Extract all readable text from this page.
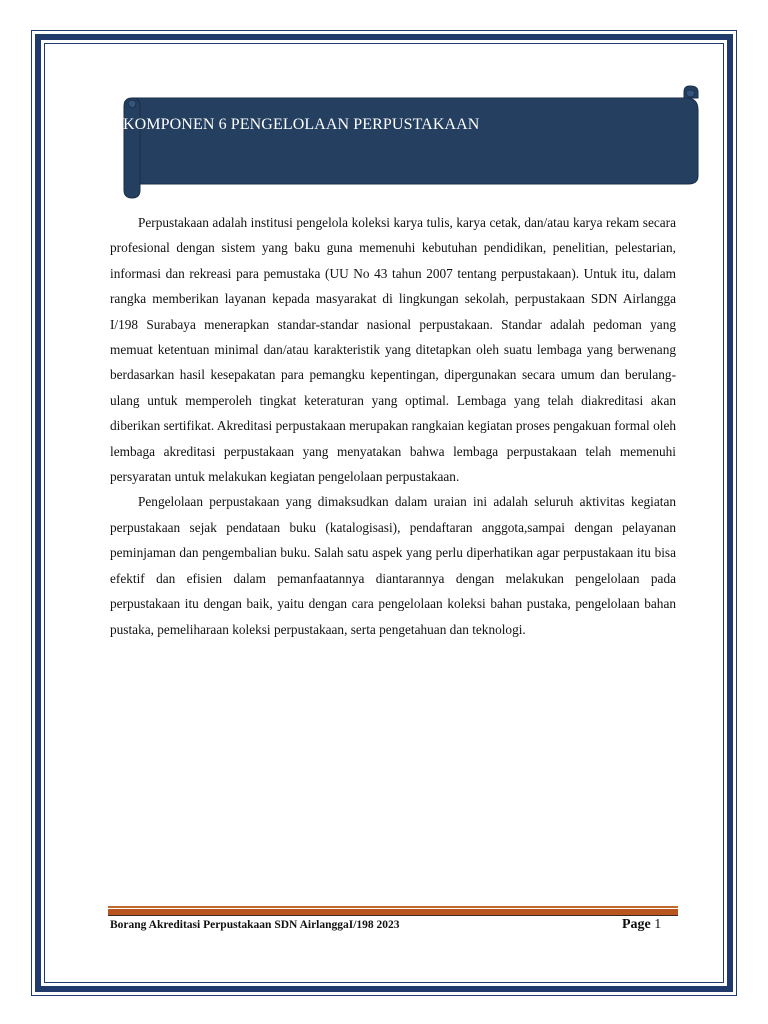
KOMPONEN 6 PENGELOLAAN PERPUSTAKAAN

Perpustakaan adalah institusi pengelola koleksi karya tulis, karya cetak, dan/atau karya rekam secara profesional dengan sistem yang baku guna memenuhi kebutuhan pendidikan, penelitian, pelestarian, informasi dan rekreasi para pemustaka (UU No 43 tahun 2007 tentang perpustakaan). Untuk itu, dalam rangka memberikan layanan kepada masyarakat di lingkungan sekolah, perpustakaan SDN Airlangga I/198 Surabaya menerapkan standar-standar nasional perpustakaan. Standar adalah pedoman yang memuat ketentuan minimal dan/atau karakteristik yang ditetapkan oleh suatu lembaga yang berwenang berdasarkan hasil kesepakatan para pemangku kepentingan, dipergunakan secara umum dan berulang-ulang untuk memperoleh tingkat keteraturan yang optimal. Lembaga yang telah diakreditasi akan diberikan sertifikat. Akreditasi perpustakaan merupakan rangkaian kegiatan proses pengakuan formal oleh lembaga akreditasi perpustakaan yang menyatakan bahwa lembaga perpustakaan telah memenuhi persyaratan untuk melakukan kegiatan pengelolaan perpustakaan.

Pengelolaan perpustakaan yang dimaksudkan dalam uraian ini adalah seluruh aktivitas kegiatan perpustakaan sejak pendataan buku (katalogisasi), pendaftaran anggota,sampai dengan pelayanan peminjaman dan pengembalian buku. Salah satu aspek yang perlu diperhatikan agar perpustakaan itu bisa efektif dan efisien dalam pemanfaatannya diantarannya dengan melakukan pengelolaan pada perpustakaan itu dengan baik, yaitu dengan cara pengelolaan koleksi bahan pustaka, pengelolaan bahan pustaka, pemeliharaan koleksi perpustakaan, serta pengetahuan dan teknologi.

Borang Akreditasi Perpustakaan SDN AirlanggaI/198 2023	Page 1
